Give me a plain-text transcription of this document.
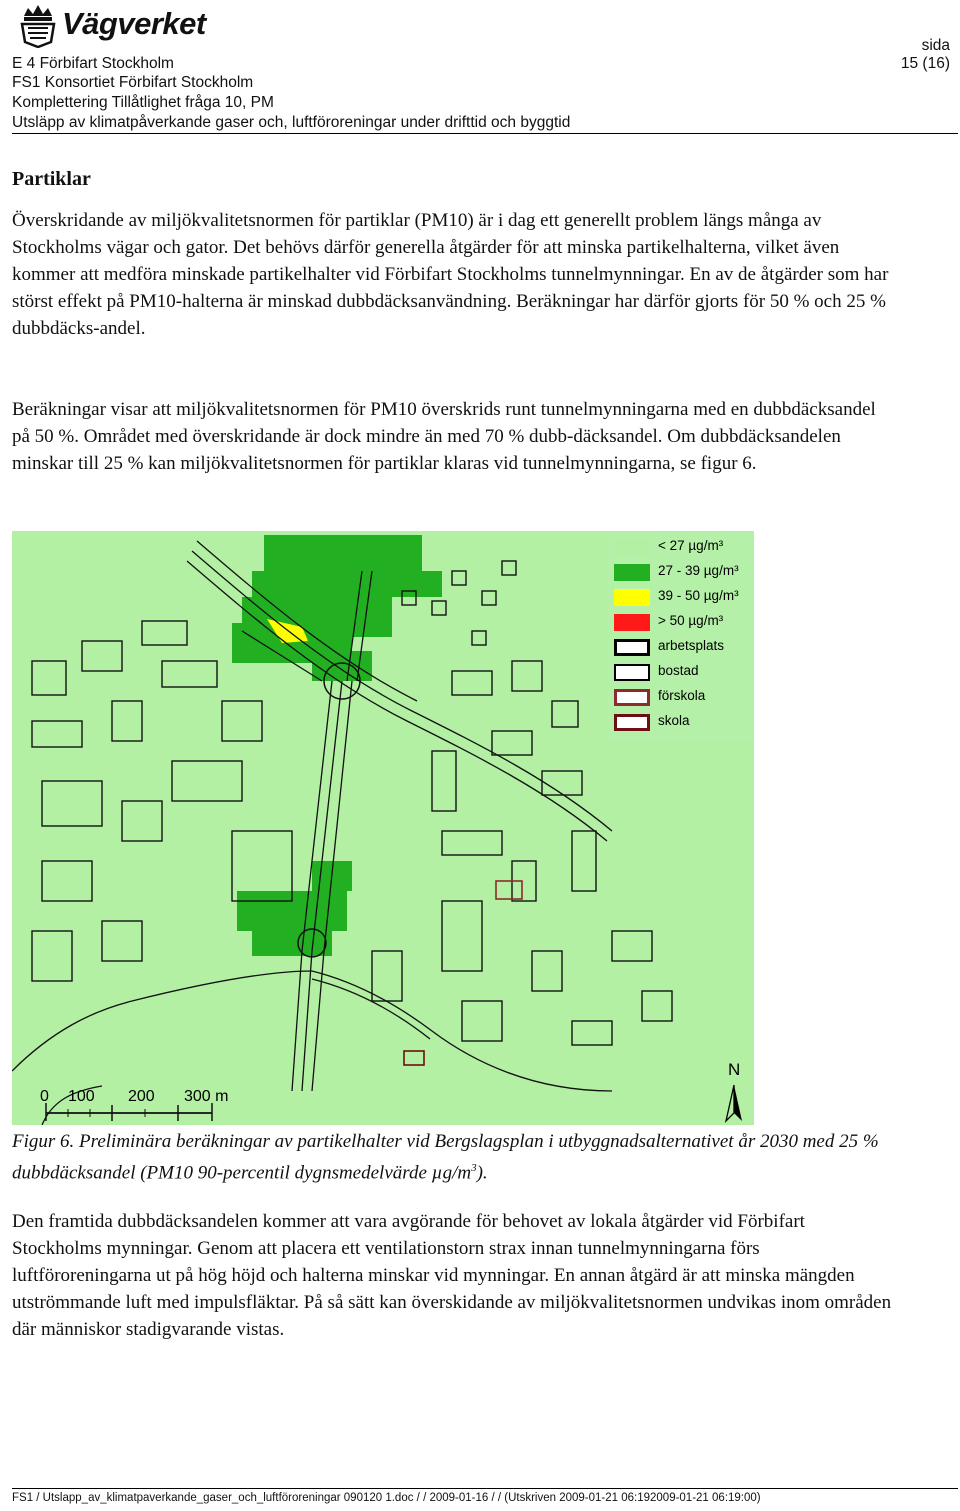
Vägverket
E 4 Förbifart Stockholm
FS1 Konsortiet Förbifart Stockholm
Komplettering Tillåtlighet fråga 10, PM
Utsläpp av klimatpåverkande gaser och, luftföroreningar under drifttid och byggtid
sida
15 (16)
Partiklar
Överskridande av miljökvalitetsnormen för partiklar (PM10) är i dag ett generellt problem längs många av Stockholms vägar och gator. Det behövs därför generella åtgärder för att minska partikelhalterna, vilket även kommer att medföra minskade partikelhalter vid Förbifart Stockholms tunnelmynningar. En av de åtgärder som har störst effekt på PM10-halterna är minskad dubbdäcksanvändning. Beräkningar har därför gjorts för 50 % och 25 % dubbdäcks-andel.
Beräkningar visar att miljökvalitetsnormen för PM10 överskrids runt tunnelmynningarna med en dubbdäcksandel på 50 %. Området med överskridande är dock mindre än med 70 % dubb-däcksandel. Om dubbdäcksandelen minskar till 25 % kan miljökvalitetsnormen för partiklar klaras vid tunnelmynningarna, se figur 6.
0 100 200 300 m
N
< 27 µg/m³
27 - 39 µg/m³
39 - 50 µg/m³
> 50 µg/m³
arbetsplats
bostad
förskola
skola
Figur 6. Preliminära beräkningar av partikelhalter vid Bergslagsplan i utbyggnadsalternativet år 2030 med 25 % dubbdäcksandel (PM10 90-percentil dygnsmedelvärde $\mu g/m^3$).
Den framtida dubbdäcksandelen kommer att vara avgörande för behovet av lokala åtgärder vid Förbifart Stockholms mynningar. Genom att placera ett ventilationstorn strax innan tunnelmynningarna förs luftföroreningarna ut på hög höjd och halterna minskar vid mynningar. En annan åtgärd är att minska mängden utströmmande luft med impulsfläktar. På så sätt kan överskidande av miljökvalitetsnormen undvikas inom områden där människor stadigvarande vistas.
FS1 / Utslapp_av_klimatpaverkande_gaser_och_luftföroreningar 090120 1.doc / / 2009-01-16 / / (Utskriven 2009-01-21 06:192009-01-21 06:19:00)
